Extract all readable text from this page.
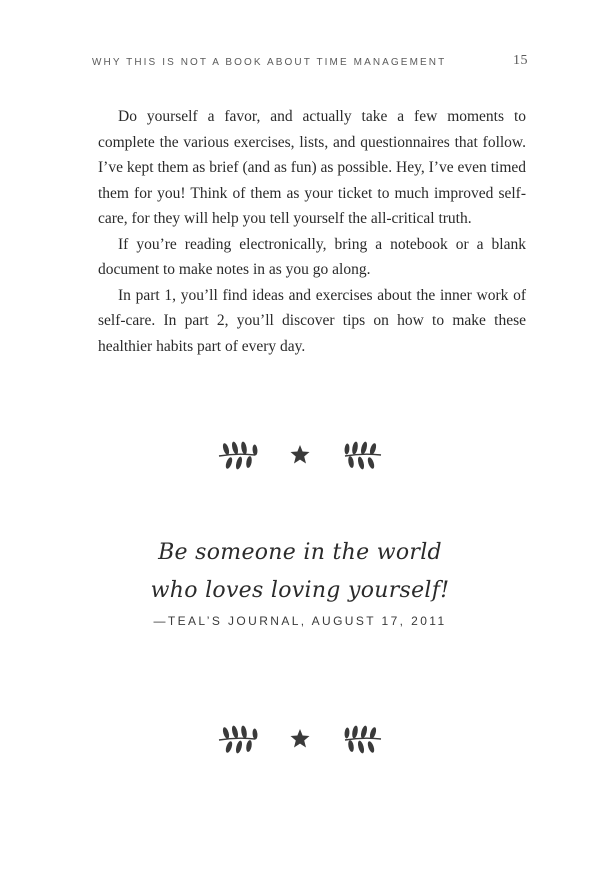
WHY THIS IS NOT A BOOK ABOUT TIME MANAGEMENT	15

Do yourself a favor, and actually take a few moments to complete the various exercises, lists, and questionnaires that follow. I’ve kept them as brief (and as fun) as possible. Hey, I’ve even timed them for you! Think of them as your ticket to much improved self-care, for they will help you tell yourself the all-critical truth.

If you’re reading electronically, bring a notebook or a blank document to make notes in as you go along.

In part 1, you’ll find ideas and exercises about the inner work of self-care. In part 2, you’ll discover tips on how to make these healthier habits part of every day.

Be someone in the world
who loves loving yourself!
—TEAL’S JOURNAL, AUGUST 17, 2011
